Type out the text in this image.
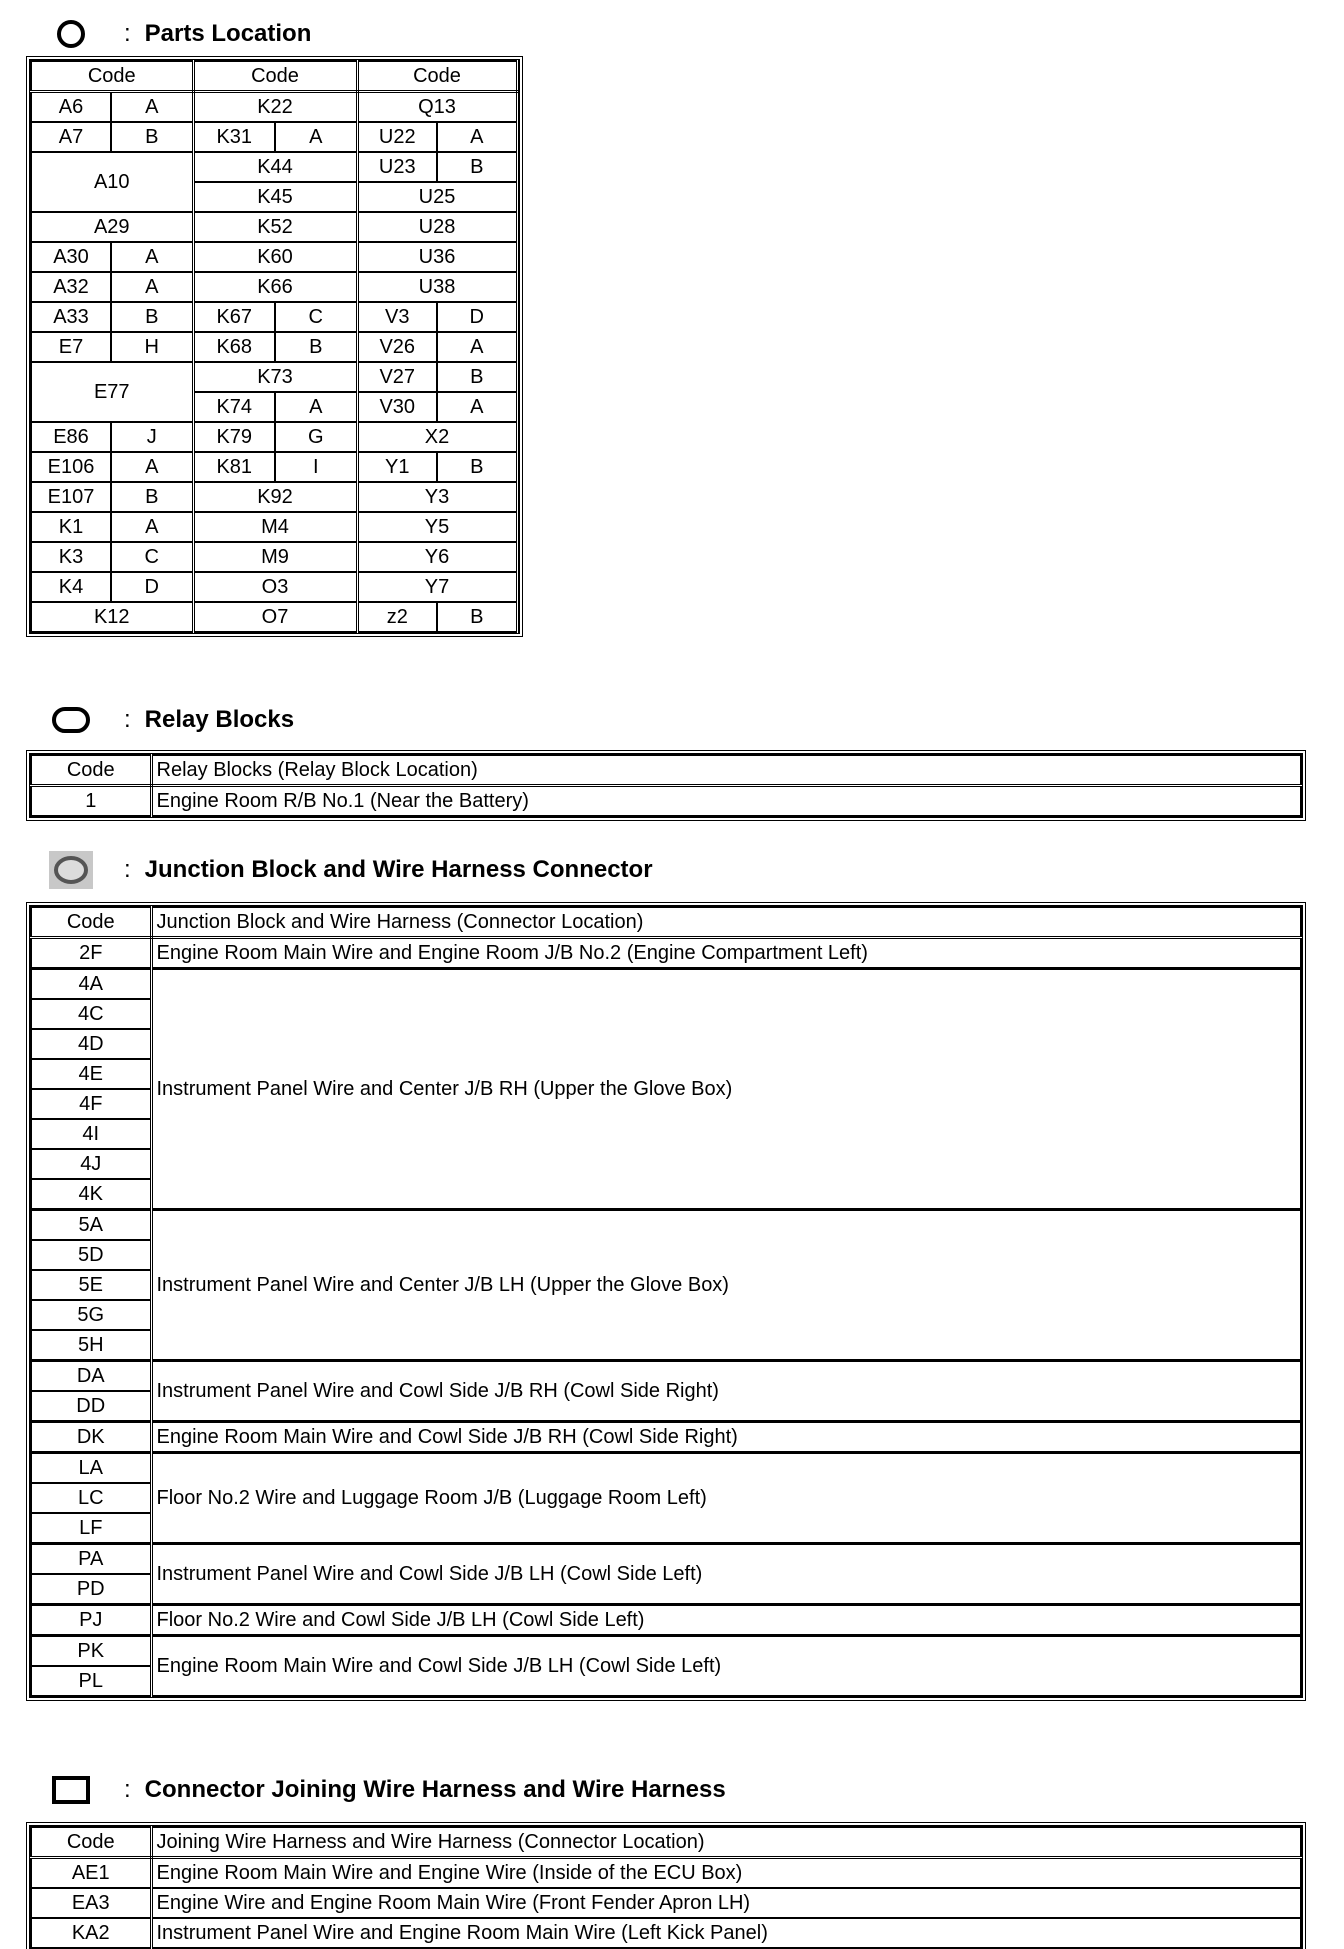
: Parts Location
Code		Code		Code	
A6	A	K22		Q13	
A7	B	K31	A	U22	A
A10		K44		U23	B
		K45		U25	
A29		K52		U28	
A30	A	K60		U36	
A32	A	K66		U38	
A33	B	K67	C	V3	D
E7	H	K68	B	V26	A
E77		K73		V27	B
		K74	A	V30	A
E86	J	K79	G	X2	
E106	A	K81	I	Y1	B
E107	B	K92		Y3	
K1	A	M4		Y5	
K3	C	M9		Y6	
K4	D	O3		Y7	
K12		O7		z2	B
: Relay Blocks
Code	Relay Blocks (Relay Block Location)
1	Engine Room R/B No.1 (Near the Battery)
: Junction Block and Wire Harness Connector
Code	Junction Block and Wire Harness (Connector Location)
2F	Engine Room Main Wire and Engine Room J/B No.2 (Engine Compartment Left)
4A	Instrument Panel Wire and Center J/B RH (Upper the Glove Box)
4C	
4D	
4E	
4F	
4I	
4J	
4K	
5A	Instrument Panel Wire and Center J/B LH (Upper the Glove Box)
5D	
5E	
5G	
5H	
DA	Instrument Panel Wire and Cowl Side J/B RH (Cowl Side Right)
DD	
DK	Engine Room Main Wire and Cowl Side J/B RH (Cowl Side Right)
LA	Floor No.2 Wire and Luggage Room J/B (Luggage Room Left)
LC	
LF	
PA	Instrument Panel Wire and Cowl Side J/B LH (Cowl Side Left)
PD	
PJ	Floor No.2 Wire and Cowl Side J/B LH (Cowl Side Left)
PK	Engine Room Main Wire and Cowl Side J/B LH (Cowl Side Left)
PL	
: Connector Joining Wire Harness and Wire Harness
Code	Joining Wire Harness and Wire Harness (Connector Location)
AE1	Engine Room Main Wire and Engine Wire (Inside of the ECU Box)
EA3	Engine Wire and Engine Room Main Wire (Front Fender Apron LH)
KA2	Instrument Panel Wire and Engine Room Main Wire (Left Kick Panel)
